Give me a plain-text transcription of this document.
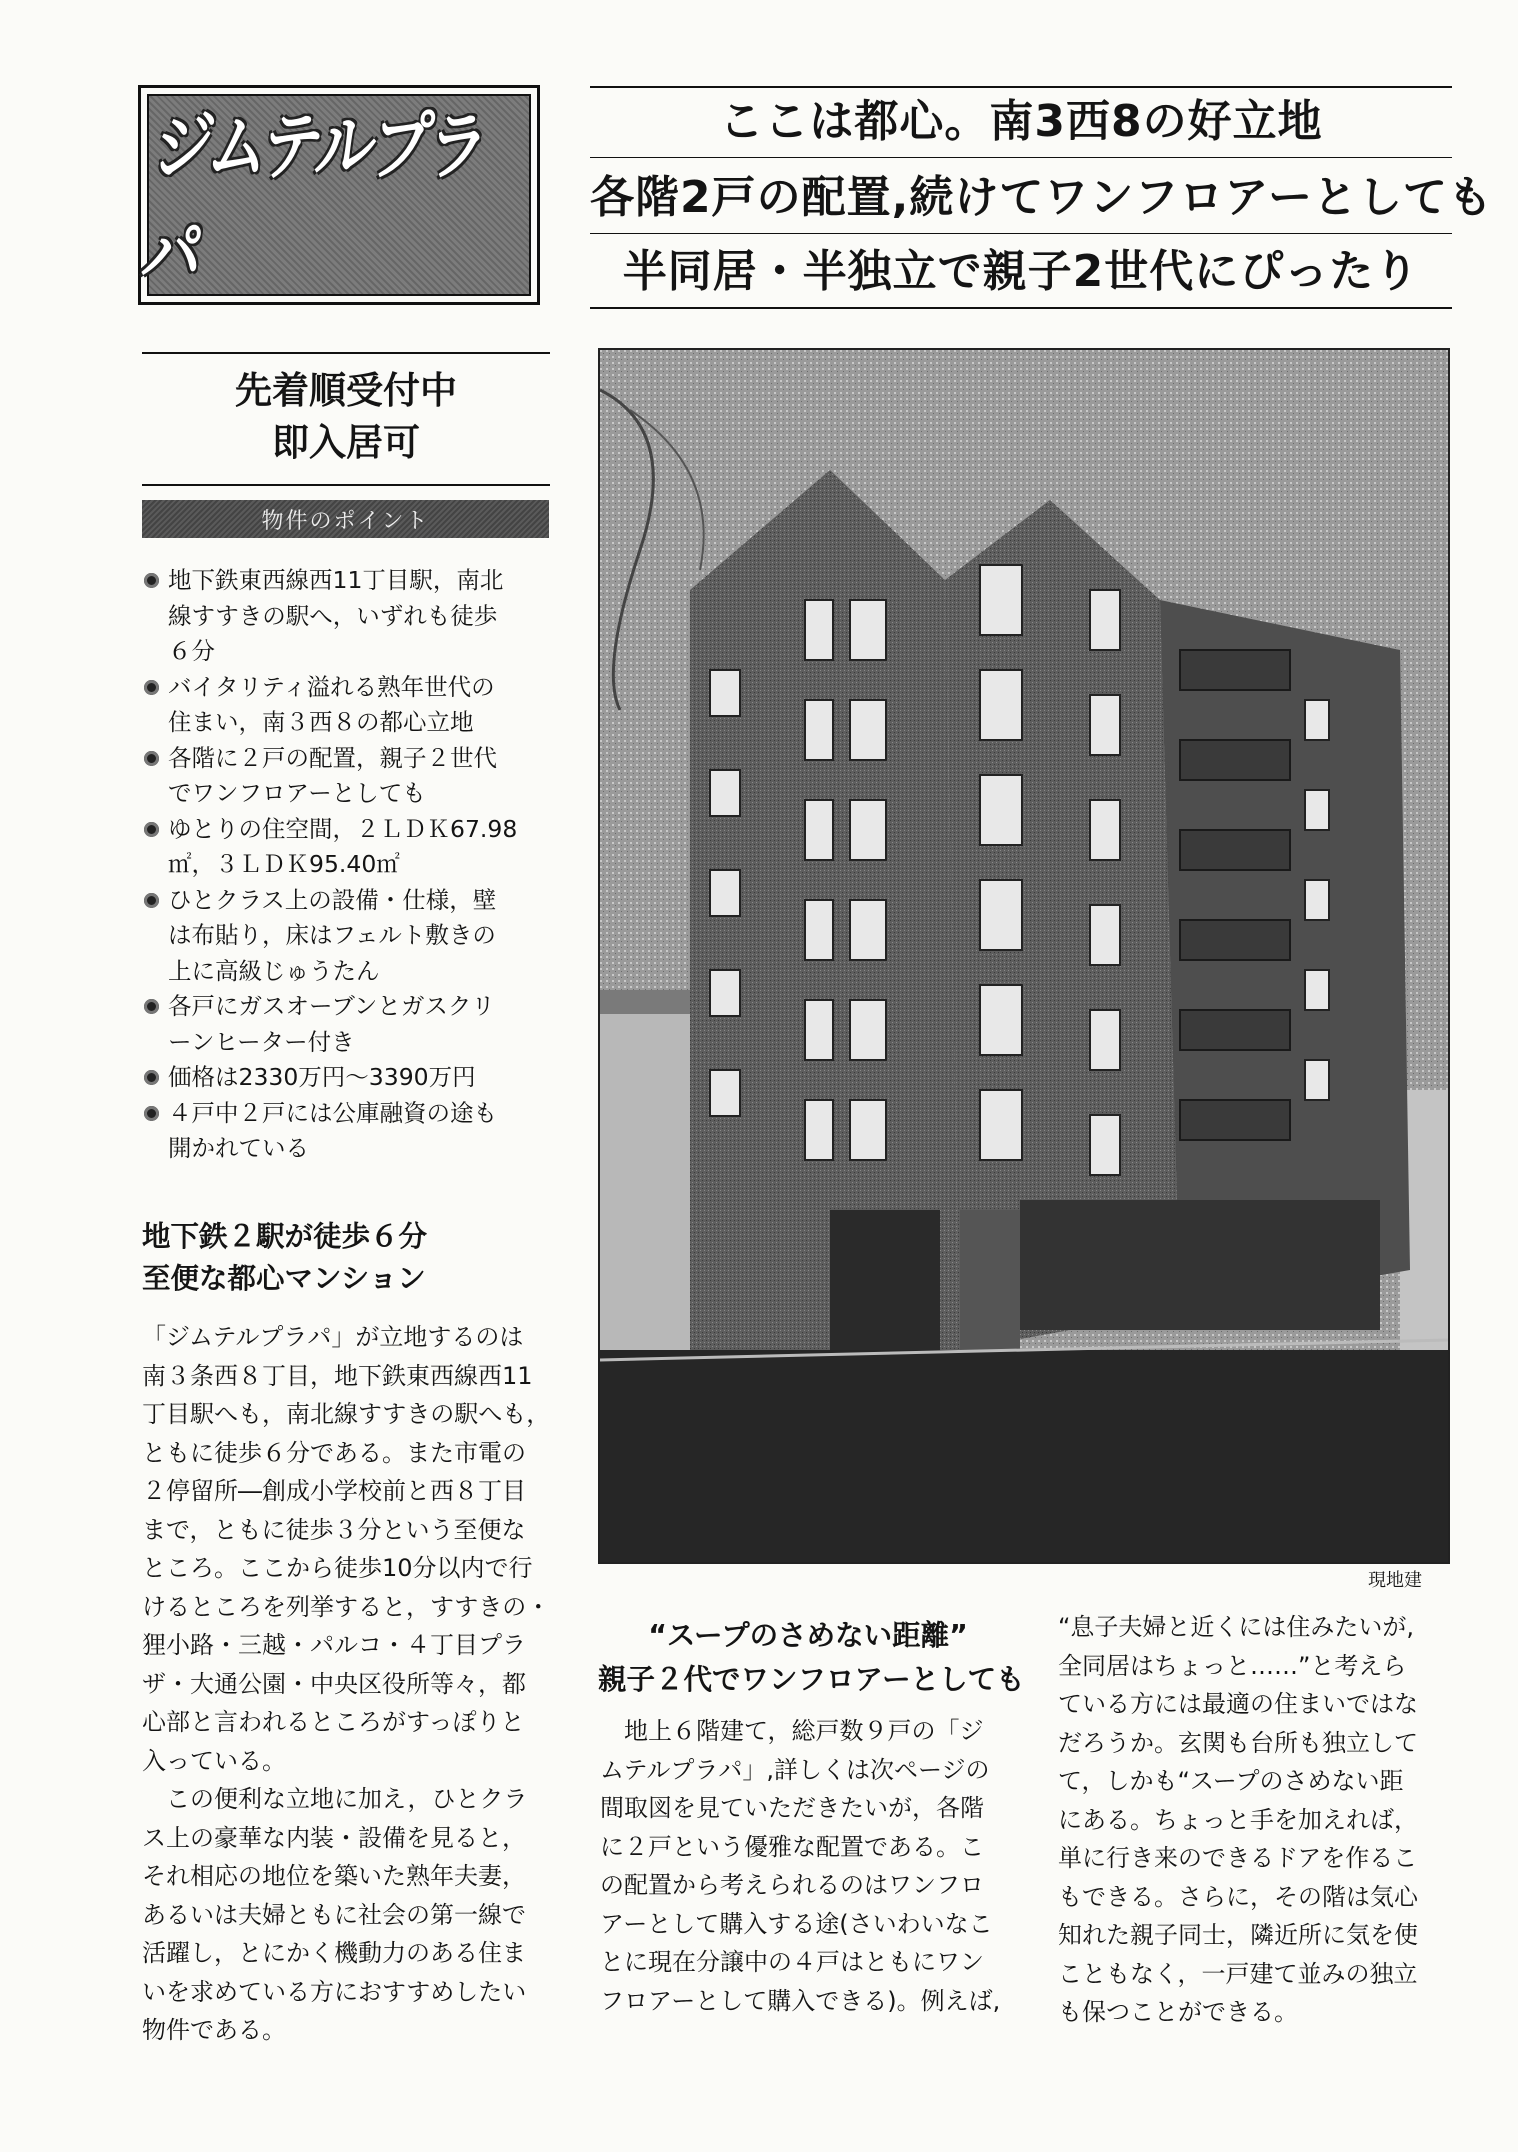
ジムテルプラパ
ここは都心。南3西8の好立地
各階2戸の配置,続けてワンフロアーとしても
半同居・半独立で親子2世代にぴったり
先着順受付中
即入居可
物件のポイント
地下鉄東西線西11丁目駅，南北
線すすきの駅へ，いずれも徒歩
６分
バイタリティ溢れる熟年世代の
住まい，南３西８の都心立地
各階に２戸の配置，親子２世代
でワンフロアーとしても
ゆとりの住空間，２ＬＤＫ67.98
㎡，３ＬＤＫ95.40㎡
ひとクラス上の設備・仕様，壁
は布貼り，床はフェルト敷きの
上に高級じゅうたん
各戸にガスオーブンとガスクリ
ーンヒーター付き
価格は2330万円〜3390万円
４戸中２戸には公庫融資の途も
開かれている
地下鉄２駅が徒歩６分
至便な都心マンション
「ジムテルプラパ」が立地するのは
南３条西８丁目，地下鉄東西線西11
丁目駅へも，南北線すすきの駅へも，
ともに徒歩６分である。また市電の
２停留所―創成小学校前と西８丁目
まで，ともに徒歩３分という至便な
ところ。ここから徒歩10分以内で行
けるところを列挙すると，すすきの・
狸小路・三越・パルコ・４丁目プラ
ザ・大通公園・中央区役所等々，都
心部と言われるところがすっぽりと
入っている。
　この便利な立地に加え，ひとクラ
ス上の豪華な内装・設備を見ると，
それ相応の地位を築いた熟年夫妻，
あるいは夫婦ともに社会の第一線で
活躍し，とにかく機動力のある住ま
いを求めている方におすすめしたい
物件である。
現地建
“スープのさめない距離”
親子２代でワンフロアーとしても
　地上６階建て，総戸数９戸の「ジ
ムテルプラパ」,詳しくは次ページの
間取図を見ていただきたいが，各階
に２戸という優雅な配置である。こ
の配置から考えられるのはワンフロ
アーとして購入する途(さいわいなこ
とに現在分譲中の４戸はともにワン
フロアーとして購入できる)。例えば,
“息子夫婦と近くには住みたいが,
全同居はちょっと……”と考えら
ている方には最適の住まいではな
だろうか。玄関も台所も独立して
て，しかも“スープのさめない距
にある。ちょっと手を加えれば，
単に行き来のできるドアを作るこ
もできる。さらに，その階は気心
知れた親子同士，隣近所に気を使
こともなく，一戸建て並みの独立
も保つことができる。
